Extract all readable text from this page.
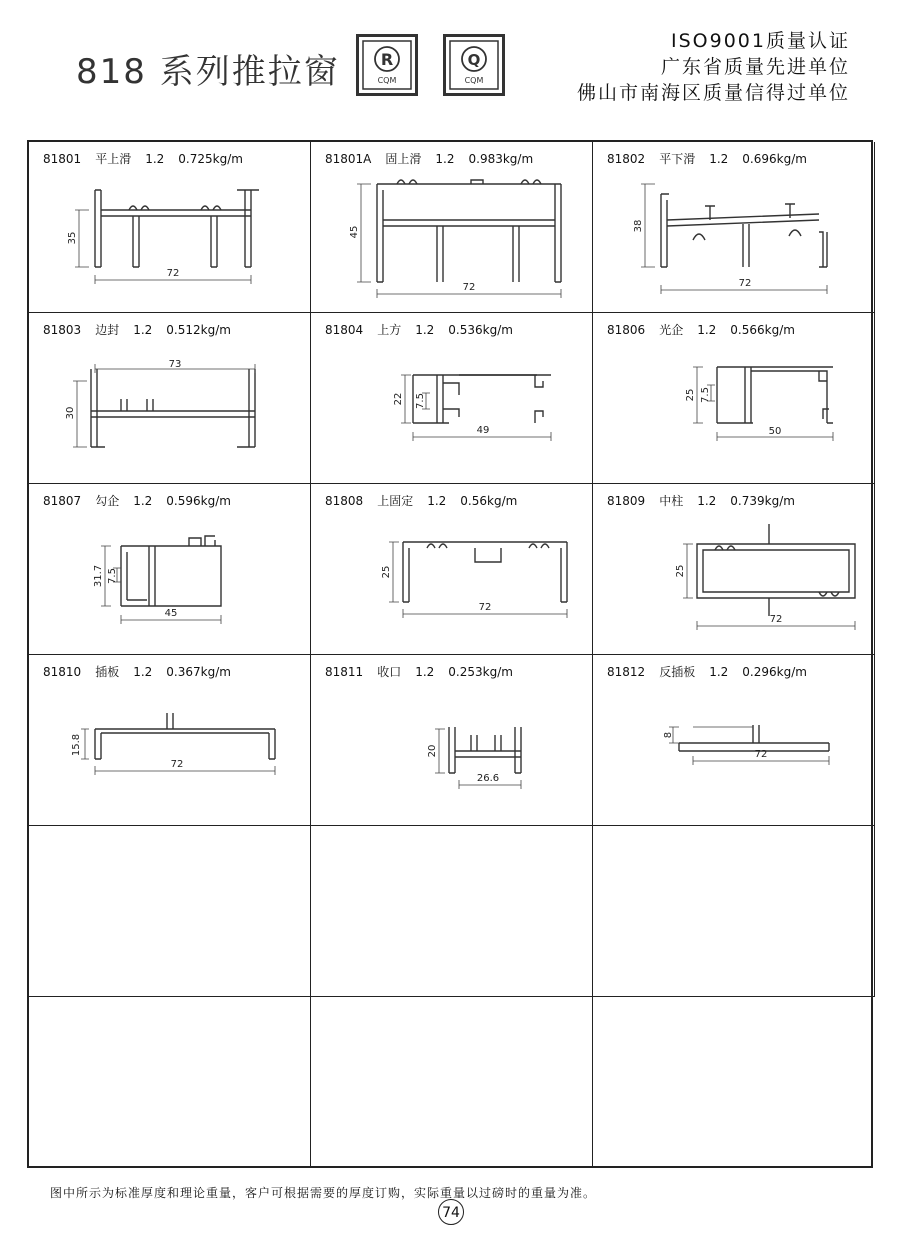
818 系列推拉窗	R
CQM
Q
CQM
ISO9001质量认证
广东省质量先进单位
佛山市南海区质量信得过单位
81801 平上滑 1.2 0.725kg/m
35
72
81801A 固上滑 1.2 0.983kg/m
45
72
81802 平下滑 1.2 0.696kg/m
38
72
81803 边封 1.2 0.512kg/m
30
73
81804 上方 1.2 0.536kg/m
22 7.5
49
81806 光企 1.2 0.566kg/m
25 7.5
50
81807 勾企 1.2 0.596kg/m
31.7 7.5
45
81808 上固定 1.2 0.56kg/m
25
72
81809 中柱 1.2 0.739kg/m
25
72
81810 插板 1.2 0.367kg/m
15.8
72
81811 收口 1.2 0.253kg/m
20
26.6
81812 反插板 1.2 0.296kg/m
8
72
图中所示为标准厚度和理论重量，客户可根据需要的厚度订购，实际重量以过磅时的重量为准。
74
